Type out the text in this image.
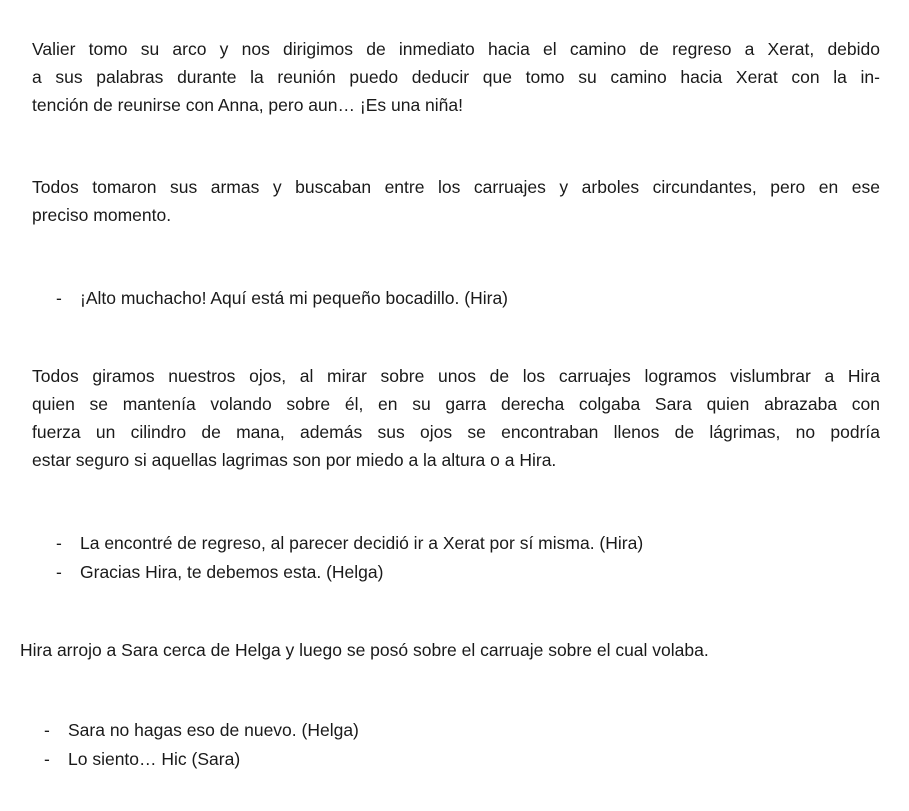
Valier tomo su arco y nos dirigimos de inmediato hacia el camino de regreso a Xerat, debido
a sus palabras durante la reunión puedo deducir que tomo su camino hacia Xerat con la in-
tención de reunirse con Anna, pero aun… ¡Es una niña!
Todos tomaron sus armas y buscaban entre los carruajes y arboles circundantes, pero en ese
preciso momento.
- ¡Alto muchacho! Aquí está mi pequeño bocadillo. (Hira)
Todos giramos nuestros ojos, al mirar sobre unos de los carruajes logramos vislumbrar a Hira
quien se mantenía volando sobre él, en su garra derecha colgaba Sara quien abrazaba con
fuerza un cilindro de mana, además sus ojos se encontraban llenos de lágrimas, no podría
estar seguro si aquellas lagrimas son por miedo a la altura o a Hira.
- La encontré de regreso, al parecer decidió ir a Xerat por sí misma. (Hira)
- Gracias Hira, te debemos esta. (Helga)
Hira arrojo a Sara cerca de Helga y luego se posó sobre el carruaje sobre el cual volaba.
- Sara no hagas eso de nuevo. (Helga)
- Lo siento… Hic (Sara)
